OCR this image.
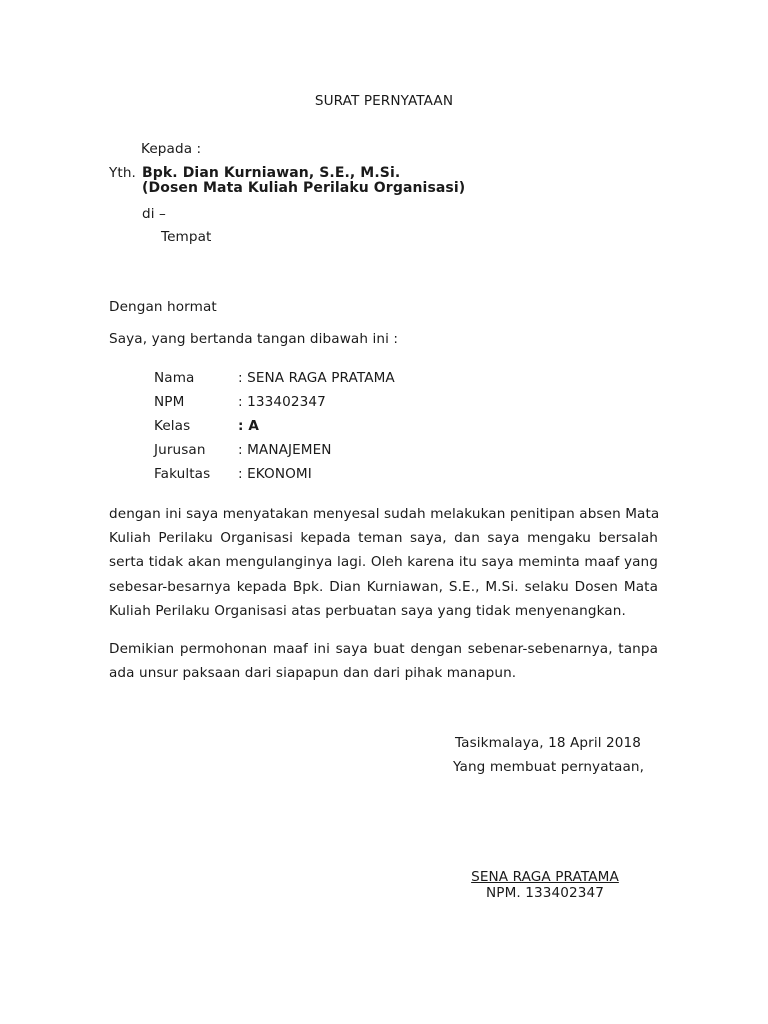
SURAT PERNYATAAN
Kepada :
Yth. Bpk. Dian Kurniawan, S.E., M.Si.
(Dosen Mata Kuliah Perilaku Organisasi)
di –
Tempat
Dengan hormat
Saya, yang bertanda tangan dibawah ini :
Nama	: SENA RAGA PRATAMA
NPM	: 133402347
Kelas	: A
Jurusan : MANAJEMEN
Fakultas : EKONOMI
dengan ini saya menyatakan menyesal sudah melakukan penitipan absen Mata
Kuliah Perilaku Organisasi kepada teman saya, dan saya mengaku bersalah
serta tidak akan mengulanginya lagi. Oleh karena itu saya meminta maaf yang
sebesar-besarnya kepada Bpk. Dian Kurniawan, S.E., M.Si. selaku Dosen Mata
Kuliah Perilaku Organisasi atas perbuatan saya yang tidak menyenangkan.
Demikian permohonan maaf ini saya buat dengan sebenar-sebenarnya, tanpa
ada unsur paksaan dari siapapun dan dari pihak manapun.
Tasikmalaya, 18 April 2018
Yang membuat pernyataan,
SENA RAGA PRATAMA
NPM. 133402347
